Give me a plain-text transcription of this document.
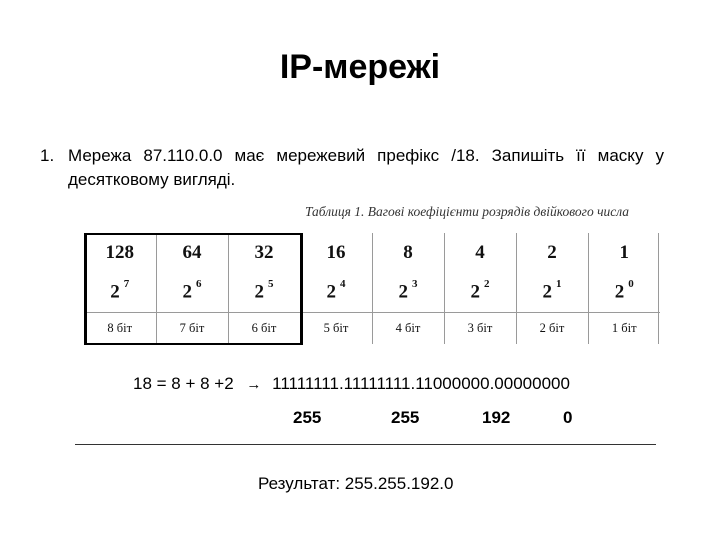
IP-мережі
1. Мережа 87.110.0.0 має мережевий префікс /18. Запишіть її маску у десятковому вигляді.
Таблиця 1. Вагові коефіцієнти розрядів двійкового числа
128	64	32	16	8	4	2	1
2 $^7$	2 $^6$	2 $^5$	2 $^4$	2 $^3$	2 $^2$	2 $^1$	2 $^0$
8 біт	7 біт	6 біт	5 біт	4 біт	3 біт	2 біт	1 біт
18 = 8 + 8 +2 → 11111111.11111111.11000000.00000000
255	255	192	0
Результат: 255.255.192.0
